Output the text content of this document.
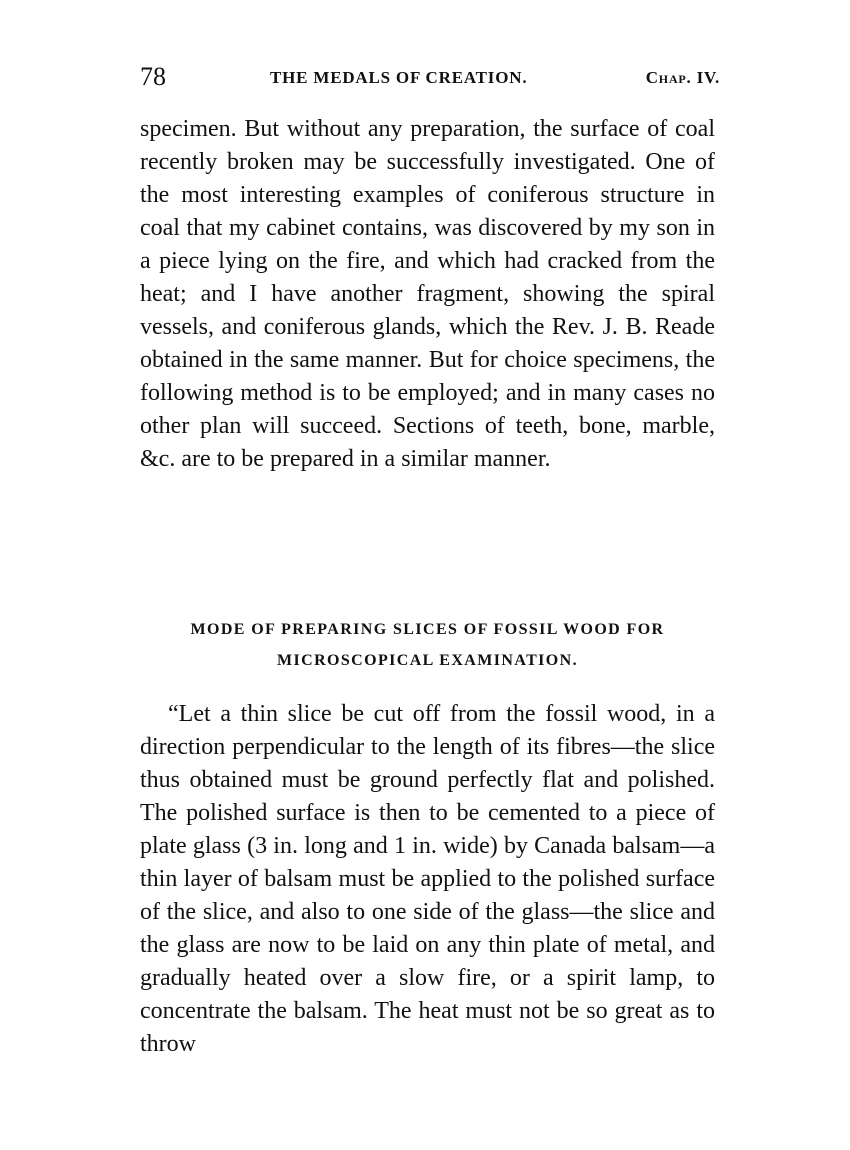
78	THE MEDALS OF CREATION.	Chap. IV.

specimen. But without any preparation, the surface of coal recently broken may be successfully investigated. One of the most interesting examples of coniferous structure in coal that my cabinet contains, was discovered by my son in a piece lying on the fire, and which had cracked from the heat; and I have another fragment, showing the spiral vessels, and coniferous glands, which the Rev. J. B. Reade obtained in the same manner. But for choice specimens, the following method is to be employed; and in many cases no other plan will succeed. Sections of teeth, bone, marble, &c. are to be prepared in a similar manner.

MODE OF PREPARING SLICES OF FOSSIL WOOD FOR MICROSCOPICAL EXAMINATION.

“Let a thin slice be cut off from the fossil wood, in a direction perpendicular to the length of its fibres—the slice thus obtained must be ground perfectly flat and polished. The polished surface is then to be cemented to a piece of plate glass (3 in. long and 1 in. wide) by Canada balsam—a thin layer of balsam must be applied to the polished surface of the slice, and also to one side of the glass—the slice and the glass are now to be laid on any thin plate of metal, and gradually heated over a slow fire, or a spirit lamp, to concentrate the balsam. The heat must not be so great as to throw
